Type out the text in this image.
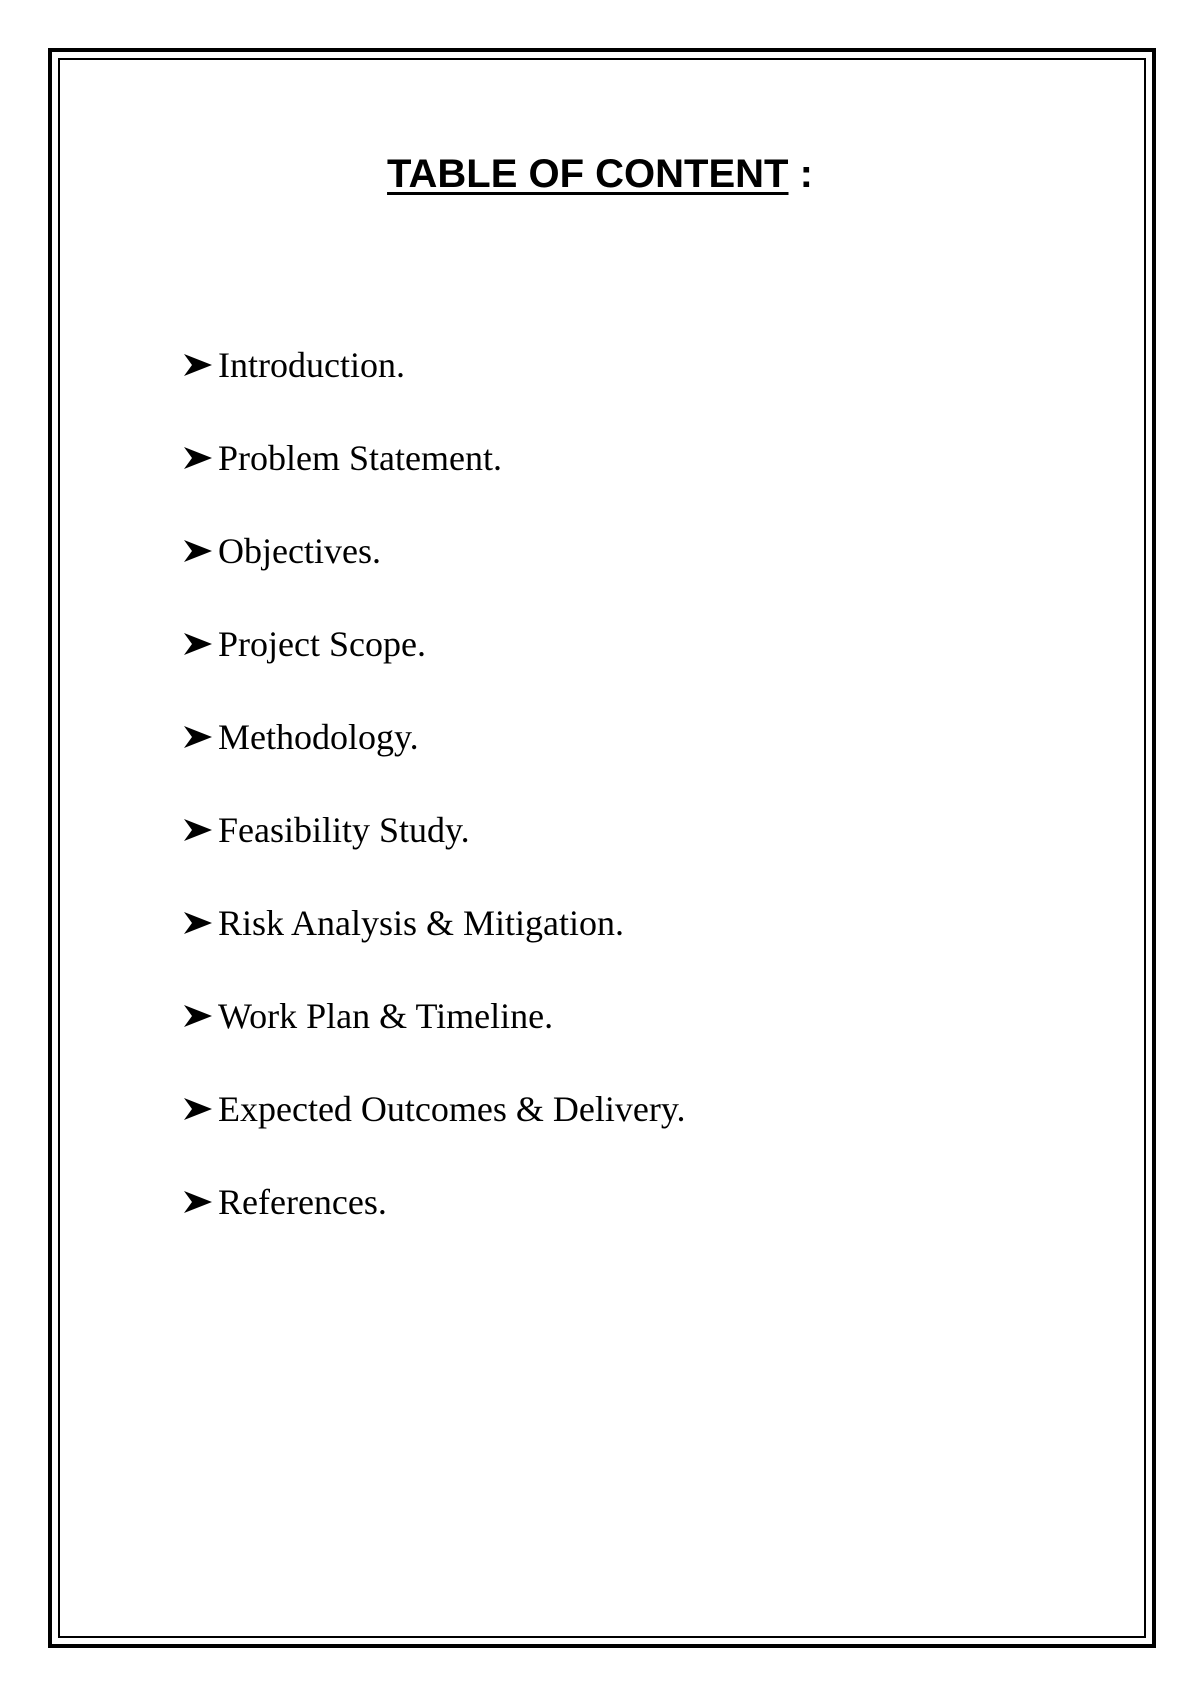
TABLE OF CONTENT :
Introduction.
Problem Statement.
Objectives.
Project Scope.
Methodology.
Feasibility Study.
Risk Analysis & Mitigation.
Work Plan & Timeline.
Expected Outcomes & Delivery.
References.
